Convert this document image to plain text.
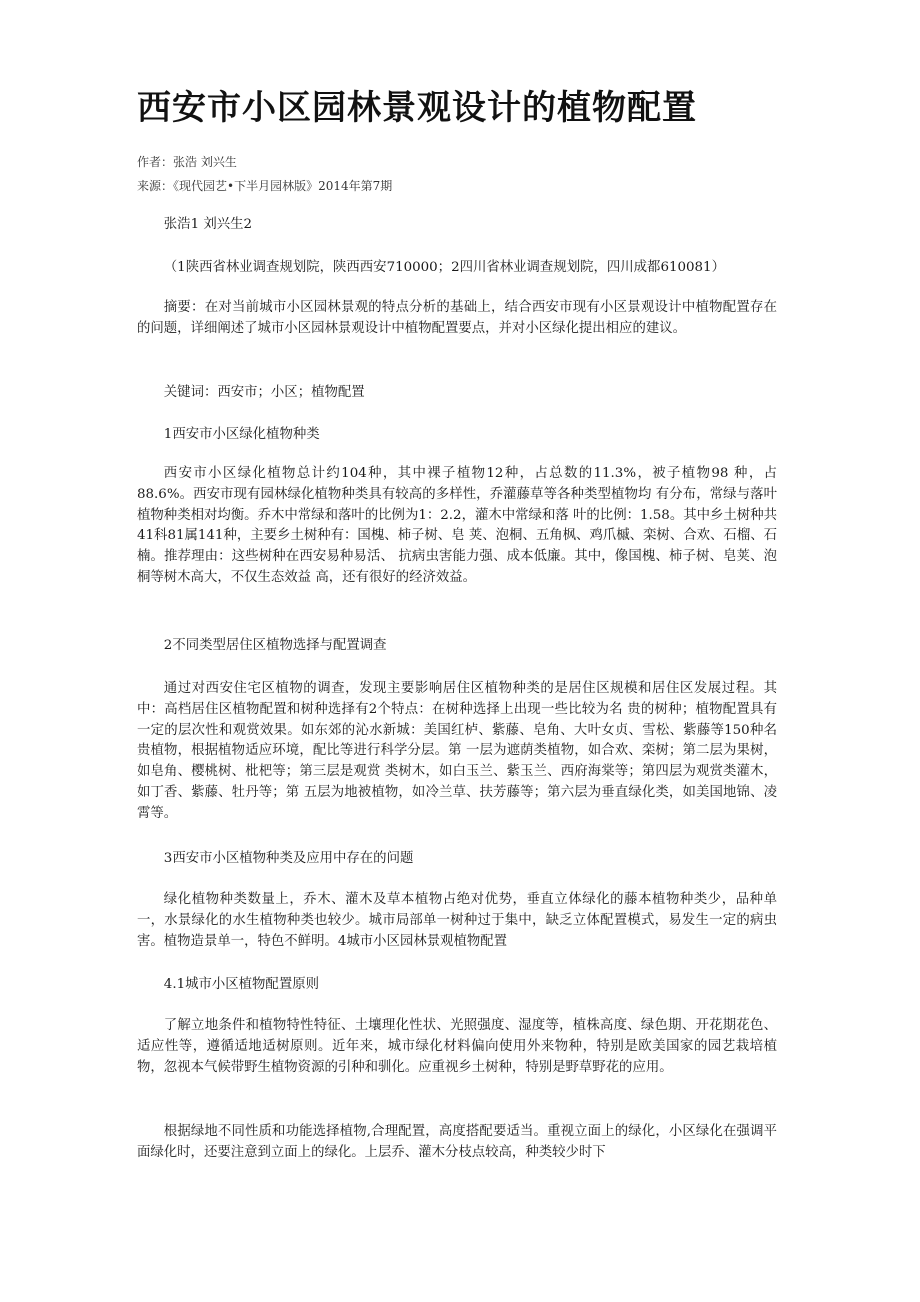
西安市小区园林景观设计的植物配置
作者：张浩 刘兴生
来源：《现代园艺•下半月园林版》2014年第7期

张浩1 刘兴生2

（1陕西省林业调查规划院，陕西西安710000；2四川省林业调查规划院，四川成都610081）

摘要：在对当前城市小区园林景观的特点分析的基础上，结合西安市现有小区景观设计中植物配置存在的问题，详细阐述了城市小区园林景观设计中植物配置要点，并对小区绿化提出相应的建议。

关键词：西安市；小区；植物配置

1西安市小区绿化植物种类

西安市小区绿化植物总计约104种，其中裸子植物12种，占总数的11.3%，被子植物98 种，占88.6%。西安市现有园林绿化植物种类具有较高的多样性，乔灌藤草等各种类型植物均 有分布，常绿与落叶植物种类相对均衡。乔木中常绿和落叶的比例为1：2.2，灌木中常绿和落 叶的比例：1.58。其中乡土树种共41科81属141种，主要乡土树种有：国槐、柿子树、皂 荚、泡桐、五角枫、鸡爪槭、栾树、合欢、石榴、石楠。推荐理由：这些树种在西安易种易活、 抗病虫害能力强、成本低廉。其中，像国槐、柿子树、皂荚、泡桐等树木高大，不仅生态效益 高，还有很好的经济效益。

2不同类型居住区植物选择与配置调查

通过对西安住宅区植物的调查，发现主要影响居住区植物种类的是居住区规模和居住区发展过程。其中：高档居住区植物配置和树种选择有2个特点：在树种选择上出现一些比较为名 贵的树种；植物配置具有一定的层次性和观赏效果。如东郊的沁水新城：美国红栌、紫藤、皂角、大叶女贞、雪松、紫藤等150种名贵植物，根据植物适应环境，配比等进行科学分层。第 一层为遮荫类植物，如合欢、栾树；第二层为果树，如皂角、樱桃树、枇杷等；第三层是观赏 类树木，如白玉兰、紫玉兰、西府海棠等；第四层为观赏类灌木，如丁香、紫藤、牡丹等；第 五层为地被植物，如冷兰草、扶芳藤等；第六层为垂直绿化类，如美国地锦、凌霄等。

3西安市小区植物种类及应用中存在的问题

绿化植物种类数量上，乔木、灌木及草本植物占绝对优势，垂直立体绿化的藤本植物种类少，品种单一，水景绿化的水生植物种类也较少。城市局部单一树种过于集中，缺乏立体配置模式，易发生一定的病虫害。植物造景单一，特色不鲜明。4城市小区园林景观植物配置

4.1城市小区植物配置原则

了解立地条件和植物特性特征、土壤理化性状、光照强度、湿度等，植株高度、绿色期、开花期花色、适应性等，遵循适地适树原则。近年来，城市绿化材料偏向使用外来物种，特别是欧美国家的园艺栽培植物，忽视本气候带野生植物资源的引种和驯化。应重视乡土树种，特别是野草野花的应用。

根据绿地不同性质和功能选择植物,合理配置，高度搭配要适当。重视立面上的绿化，小区绿化在强调平面绿化时，还要注意到立面上的绿化。上层乔、灌木分枝点较高，种类较少时下
